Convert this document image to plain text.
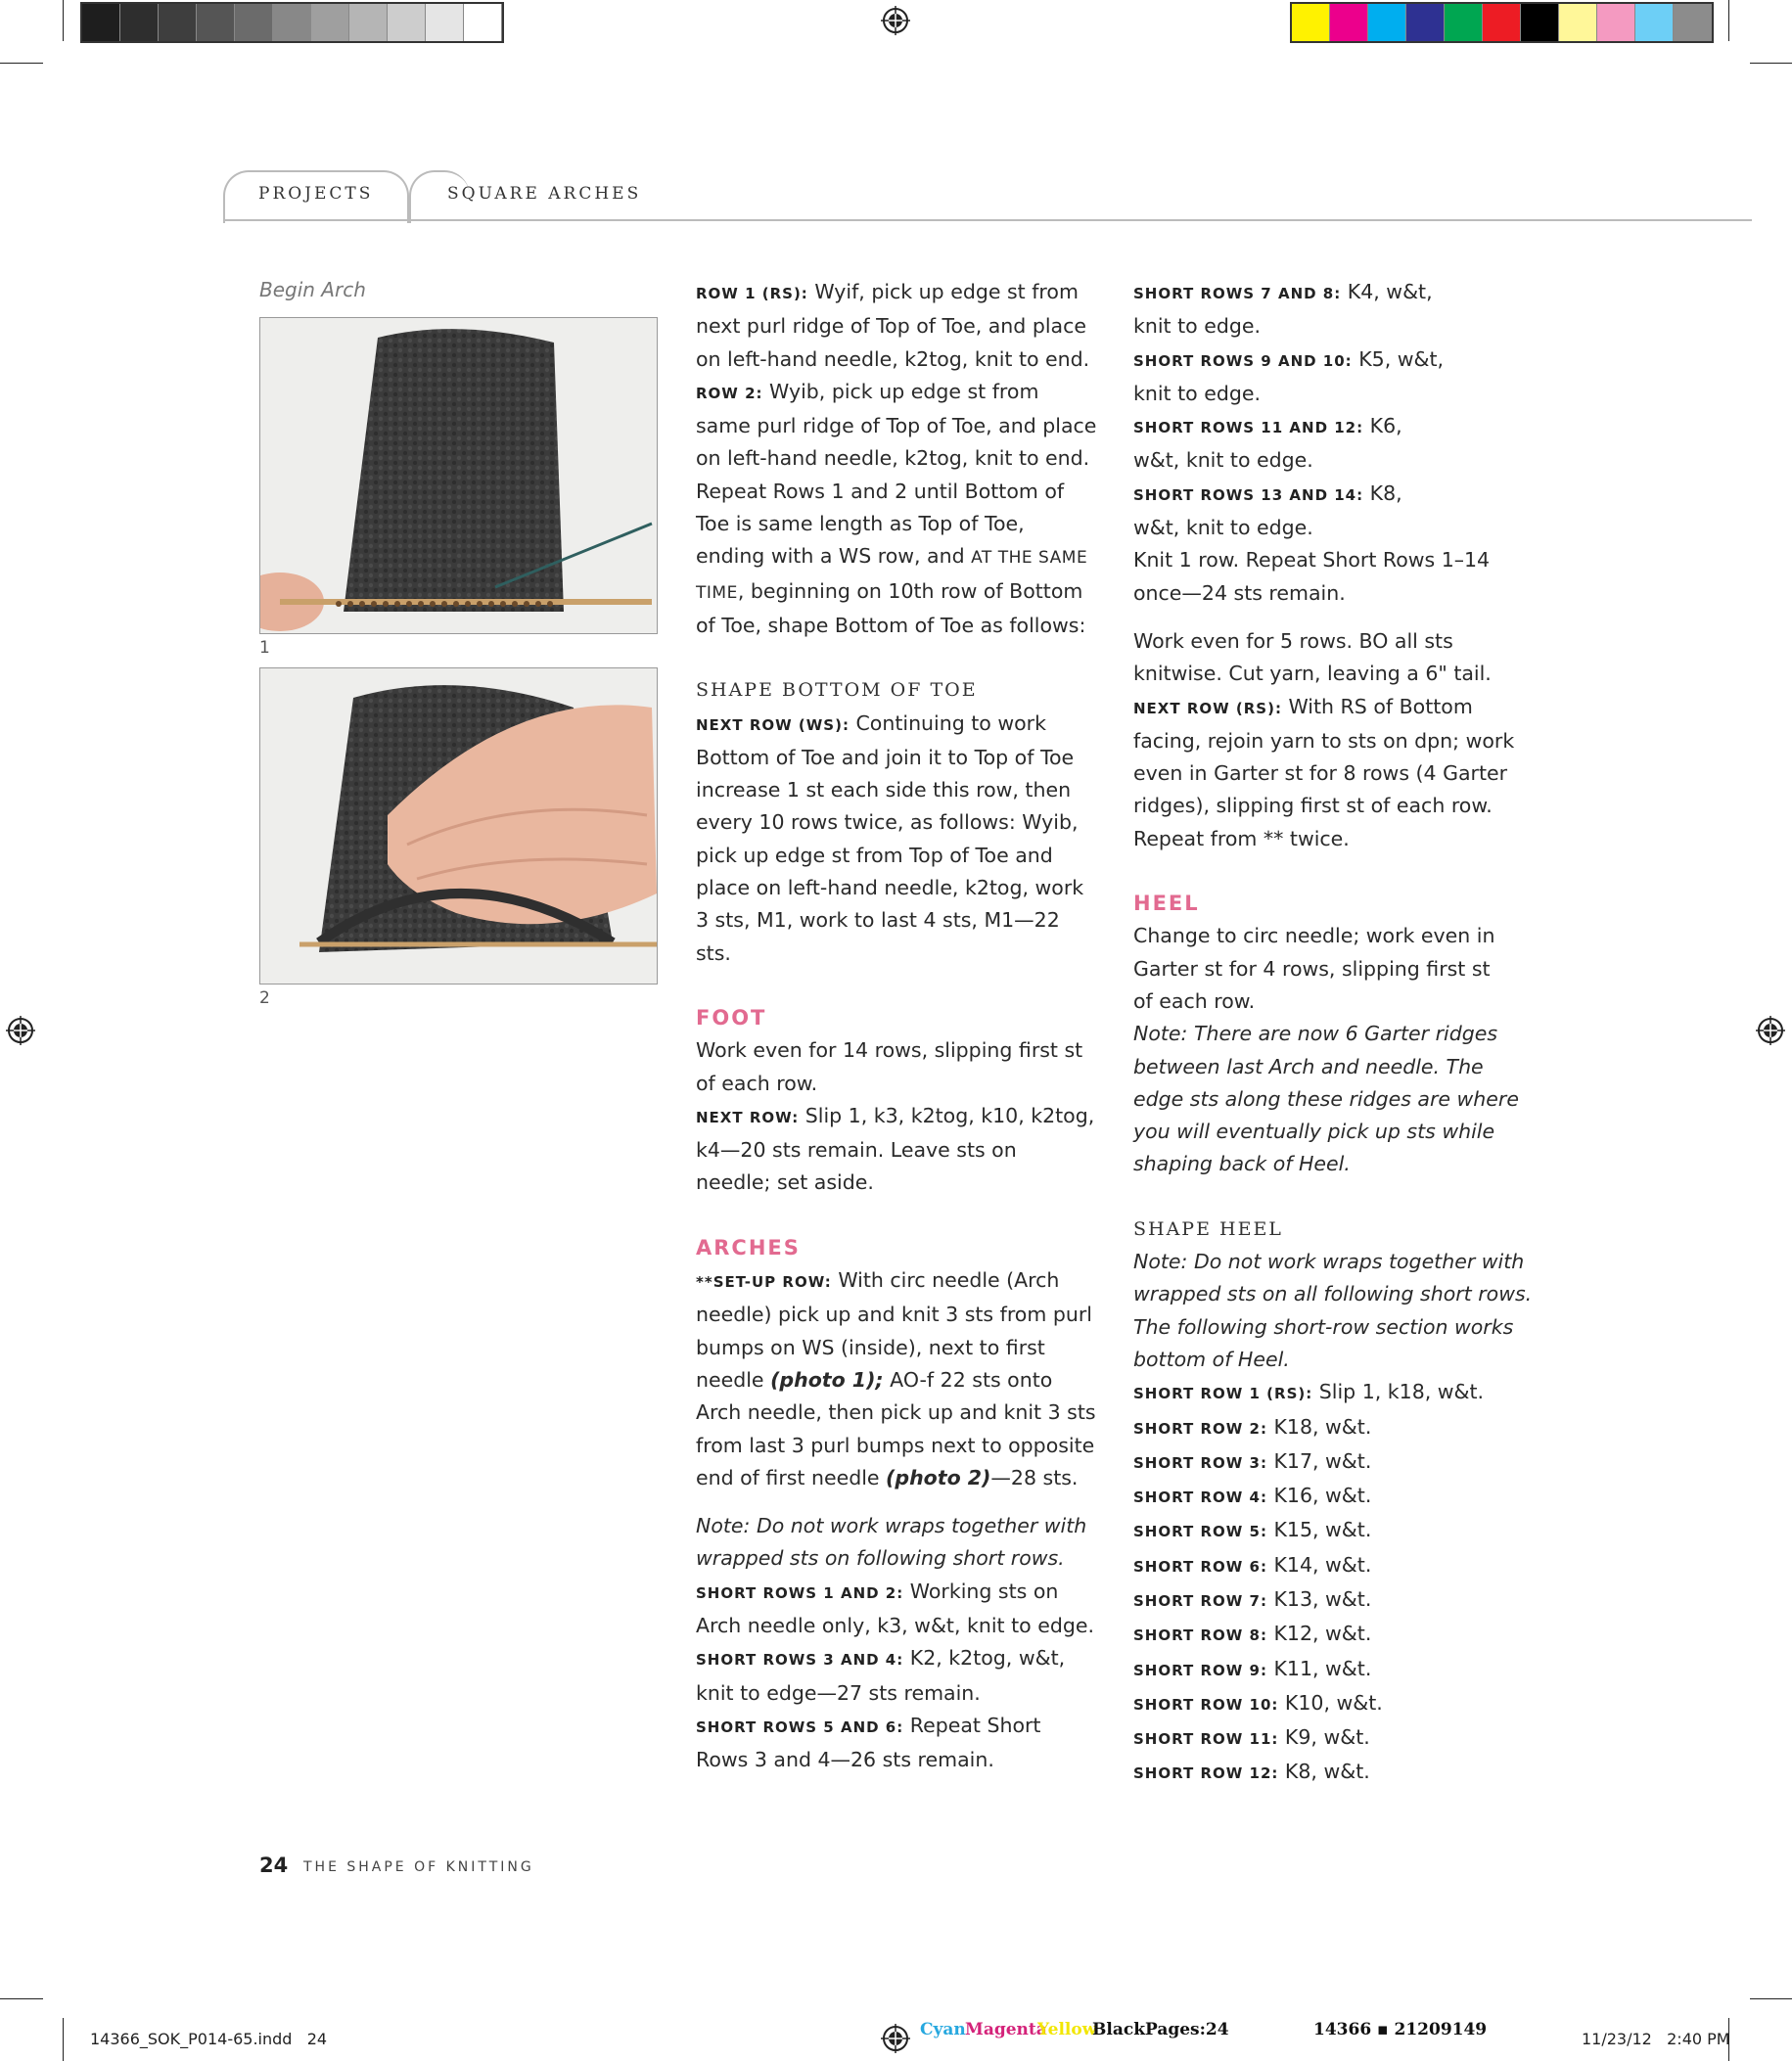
PROJECTS	SQUARE ARCHES
Begin Arch
1
2

ROW 1 (RS): Wyif, pick up edge st from next purl ridge of Top of Toe, and place on left-hand needle, k2tog, knit to end.

ROW 2: Wyib, pick up edge st from same purl ridge of Top of Toe, and place on left-hand needle, k2tog, knit to end.

Repeat Rows 1 and 2 until Bottom of Toe is same length as Top of Toe, ending with a WS row, and AT THE SAME TIME, beginning on 10th row of Bottom of Toe, shape Bottom of Toe as follows:

SHAPE BOTTOM OF TOE

NEXT ROW (WS): Continuing to work Bottom of Toe and join it to Top of Toe increase 1 st each side this row, then every 10 rows twice, as follows: Wyib, pick up edge st from Top of Toe and place on left-hand needle, k2tog, work 3 sts, M1, work to last 4 sts, M1—22 sts.

FOOT

Work even for 14 rows, slipping first st of each row.

NEXT ROW: Slip 1, k3, k2tog, k10, k2tog, k4—20 sts remain. Leave sts on needle; set aside.

ARCHES

**SET-UP ROW: With circ needle (Arch needle) pick up and knit 3 sts from purl bumps on WS (inside), next to first needle (photo 1); AO-f 22 sts onto Arch needle, then pick up and knit 3 sts from last 3 purl bumps next to opposite end of first needle (photo 2)—28 sts.

Note: Do not work wraps together with wrapped sts on following short rows.

SHORT ROWS 1 AND 2: Working sts on Arch needle only, k3, w&t, knit to edge.

SHORT ROWS 3 AND 4: K2, k2tog, w&t, knit to edge—27 sts remain.

SHORT ROWS 5 AND 6: Repeat Short Rows 3 and 4—26 sts remain.

SHORT ROWS 7 AND 8: K4, w&t, knit to edge.

SHORT ROWS 9 AND 10: K5, w&t, knit to edge.

SHORT ROWS 11 AND 12: K6, w&t, knit to edge.

SHORT ROWS 13 AND 14: K8, w&t, knit to edge.

Knit 1 row. Repeat Short Rows 1–14 once—24 sts remain.

Work even for 5 rows. BO all sts knitwise. Cut yarn, leaving a 6" tail.

NEXT ROW (RS): With RS of Bottom facing, rejoin yarn to sts on dpn; work even in Garter st for 8 rows (4 Garter ridges), slipping first st of each row.

Repeat from ** twice.

HEEL

Change to circ needle; work even in Garter st for 4 rows, slipping first st of each row.

Note: There are now 6 Garter ridges between last Arch and needle. The edge sts along these ridges are where you will eventually pick up sts while shaping back of Heel.

SHAPE HEEL

Note: Do not work wraps together with wrapped sts on all following short rows. The following short-row section works bottom of Heel.

SHORT ROW 1 (RS): Slip 1, k18, w&t.

SHORT ROW 2: K18, w&t.

SHORT ROW 3: K17, w&t.

SHORT ROW 4: K16, w&t.

SHORT ROW 5: K15, w&t.

SHORT ROW 6: K14, w&t.

SHORT ROW 7: K13, w&t.

SHORT ROW 8: K12, w&t.

SHORT ROW 9: K11, w&t.

SHORT ROW 10: K10, w&t.

SHORT ROW 11: K9, w&t.

SHORT ROW 12: K8, w&t.

24 THE SHAPE OF KNITTING
14366_SOK_P014-65.indd   24	Cyan Magenta
Yellow
Black Pages:24	14366 ▪ 21209149	11/23/12   2:40 PM
